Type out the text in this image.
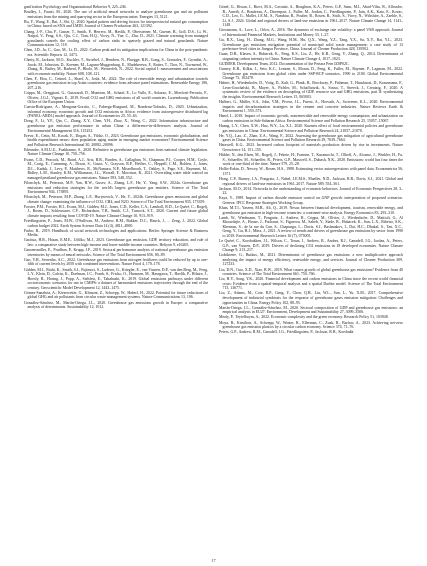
gasification Psychology and Organizational Behavior 9, 225–246.

Bradley, J., Fausti, M., 2020. The use of artificial neural networks to analyze greenhouse gas and air pollutant emissions from the mining and quarrying sector in the European union. Energies 13, 5121.

Bu, Y., Wang, E., Bai, J., Shi, Q., 2020. Spatial pattern and driving factors for interprovincial natural gas consumption in China: based on SNA and LMDI. Journal of Cleaner Production 263, 121392.

Chang, J.-F., Chu, F., Gasser, T., Smith, P., Herrero, M., Havlik, P., Obersteiner, M., Guenet, B., Goll, D.S., Li, W., Naipal, V., Peng, S.S., Qiu, C.J., Tian, H.Q., Viovy, N., Yue, C., Zhu, D., 2021. Climate warming from managed grasslands cancels the cooling effect of carbon sinks in sparsely grazed and natural grasslands. Nature Communications 12, 118.

Chen, J.D., Ju, C., Gao, M., Li, D., 2022. Carbon peak and its mitigation implications for China in the post-pandemic era. Scientific Reports 12, 3473.

Chetty, R., Jackson, M.O., Kuchler, T., Stroebel, J., Hendren, N., Fluegge, R.B., Gong, S., Gonzalez, F., Grondin, A., Jacob, M., Johnston, D., Koenen, M., Laguna-Muggenburg, E., Mudekereza, F., Rutter, T., Thor, N., Townsend, W., Zhang, R., Bailey, M., Barberá, P., Bhole, M., Wernerfelt, N., 2022. Social capital I: measurement and associations with economic mobility. Nature 608, 108–121.

Chen, F., Hou, C., Cetinel, L., Shaef, A., Joshi, M., 2022. The role of renewable energy and urbanization towards greenhouse gas emission in top Asian countries: evidence from advance panel estimations. Renewable Energy 186, 207–216.

Crippa, M., Oreggioni, G., Guizzardi, D., Muntean, M., Schaaf, E., Lo Vullo, E., Solazzo, E., Monforti-Ferrario, F., Olivier, J.G.J., Vignati, E., 2019. Fossil CO2 and GHG emissions of all world countries. Luxembourg: Publication Office of the European Union.

Cuesta-Rodriguez, A., Mengana-Gorrito, C., Fabrega-Hoagund, M., Rondeau-Tobacks, D., 2020. Urbanization, informal economy, economic growth and CO2 emissions in Africa: evidence from autoregressive distributed lag (PANEL-ARDL) model approach. Journal of Econometrics 25, 55–63.

Dong, F., Li, Y.F., Qin, C., Zhang, X.Y., Chen, Y.H., Zhao, X., Wang, C., 2022. Information infrastructure and greenhouse gas emission performance in urban China: a difference-in-differences analysis. Journal of Environmental Management 316, 115252.

Erevir, E., Cetin, M., Kocak, E., Dogan, A., Yildiz, O., 2023. Greenhouse gas emissions, economic globalization, and health expenditures nexus: does population aging matter in emerging market economies? Environmental Science and Pollution Research International 30, 20082–20096.

Edeandre, A.M.U.U., Fuakhanno, S., 2020. Refinitive in greenhouse gas emissions from national climate legislation. Nature Climate Change 10, 750–756.

Evans, C.D., Peacock, M., Baird, A.J., Artz, R.R., Burden, A., Callaghan, N., Chapman, P.J., Cooper, H.M., Coyle, M., Craig, E., Cumming, A., Dixon, S., Gauci, V., Grayson, R.P., Helfter, C., Heppell, C.M., Holden, J., Jones, D.L., Kaduk, J., Levy, P., Matthews, R., McNamara, N.P., Misselbrook, T., Oakley, S., Page, S.E., Rayment, M., Ridley, L.M., Stanley, K.M., Williamson, J.L., Worrall, F., Morrison, R., 2021. Overriding water table control on managed peatland greenhouse gas emissions. Nature 593, 548–552.

Filonchyk, M., Peterson, M.P., Yan, H.W., Gusev, A., Zhang, L.F., He, Y., Yang, S.W., 2024a. Greenhouse gas emissions and reduction strategies for the world's largest greenhouse gas emitters. Science of The Total Environment 944, 173895.

Filonchyk, M., Peterson, M.P., Zhang, L.F., Hurynovich, V., He, Y., 2024b. Greenhouse gases emissions and global climate change: examining the influence of CO2, CH4, and N2O. Science of The Total Environment 935, 173359.

Forster, P.M., Forster, H.I., Evans, M.J., Gidden, M.J., Jones, C.D., Keller, C.A., Lamboll, R.D., Le Quéré, C., Rogelj, J., Rosen, D., Schleussner, C.F., Richardson, T.B., Smith, C.J., Turnock, S.T., 2020. Current and future global climate impacts resulting from COVID-19. Nature Climate Change 10, 913–919.

Friedlingstein, P., Jones, M.W., O'Sullivan, M., Andrew, R.M., Bakker, D.C., Hauck, J., ... Zeng, J., 2022. Global carbon budget 2022. Earth System Science Data 14 (4), 4811–4900.

Furbo, R., 2019. Handbook of social network technologies and applications. Berlin: Springer Science & Business Media.

Gacitua, H.R., Hasan, E.M.E., Udilko, M.J., 2023. Greenhouse gas emission, GDP, territory education, and rule of law: a comparative study between high-income and lower-middle-income countries. Heliyon 9, e16265.

Gassensmiller, E., Prudhon, P., Krupp, J.F., 2019. Sectoral performance analysis of national greenhouse gas emission inventories by means of neural networks. Science of The Total Environment 656, 80–89.

Gao, Y.H., Serrenho, A.C., 2022. Greenhouse gas emissions from nitrogen fertilizers could be reduced by up to one-fifth of current levels by 2050 with combined interventions. Nature Food 4, 170–178.

Gidden, M.J., Riahi, K., Smith, S.J., Fujimori, S., Luderer, G., Kriegler, E., van Vuuren, D.P., van den Berg, M., Feng, L.Y., Klein, D., Calvin, K., Doelman, J.C., Frank, S., Fricko, O., Harmsen, M., Hasegawa, T., Havlík, P., Hilaire, J., Hoesly, R., Horing, J., Popp, A., Stehfest, E., Takahashi, K., 2019. Global emissions pathways under different socioeconomic scenarios for use in CMIP6: a dataset of harmonized emissions trajectories through the end of the century. Geoscientific Model Development 12, 1443–1475.

Gómez-Sanabria, A., Kiesewetter, G., Klimont, Z., Schoepp, W., Haberl, H., 2022. Potential for future reductions of global GHG and air pollutants from circular waste management systems. Nature Communications 13, 106.

González-Sánchez, M., Martín-Ortega, J.L., 2020. Greenhouse gas emissions growth in Europe: a comparative analysis of determinants. Sustainability 12, 1012.

Gönel, G., Hosan, J., Rizvi, M.A., Cavaiati, A., Houghton, K.A., Peters, G.P., Sano, M.I., Abad-Vilas, R., Allouche, R., Arneth, A., Boudreau, A., Davenport, J., Fuller, M., Jordan, C., Friedlingstein, P., Jain, A.K., Kato, E., Kovac, C.D., Leo, G., Mallet, J.E.M., S., Nambiar, R., Poulter, B., Rosen, R., Sitch, S., Viovy, N., Wiltshire, A., Zaehle, S., Li, S.J., 2024. Global and regional drivers of land-use emissions in 1961–2017. Nature Climate Change 14, 1141–1148.

Grossmann, A., Love, L., Orlov, A., 2016. The dynamics of exchange rate volatility: a panel VAR approach. Journal of International Financial Markets, Institutions and Money 33, 1–27.

Gu, R.X., Ling, H., Zhang, M.G., Wang, H.M., Hu, Q.X., Wang, Y.Z., Tang, Y.X., Su, X.Y., Bai, Y.L., 2023. Greenhouse gas emissions mitigation potential of municipal solid waste management: a case study of 13 prefecture-level cities in Jiangsu Province, China. Journal of Cleaner Production 428, 139502.

Guan, D.B., Klasen, S., Hubacek, K., Feng, K.S., Liu, Z., He, K.B., Geng, Y., Zhang, Q., 2014. Determinants of stagnating carbon intensity in China. Nature Climate Change 4, 1017–1023.

GUDDER, Development Team, 2012. Documentation of the Pertara Pern IZ0P02C.

Gurney, K.R., Kilkis, J., Seto, K.C., Lenzen, S., Moran, D., Feng, K., Fuller, M., Raymer, P., Lagman, M., 2022. Greenhouse gas emissions from global cities under SSP-RCP scenarios, 1990 to 2100. Global Environmental Change 73, 102478.

Habert, H., Wiedenhofer, D., Virág, D., Kalt, G., Plank, B., Brockway, P., Fishman, T., Hausknost, D., Krausmann, F., Leon-Gruchalski, B., Mayer, A., Pichler, M., Schaffartzik, A., Sousa, T., Streeck, J., Creutzig, F., 2020. A systematic review of the evidence on decoupling of GDP, resource use and GHG emissions, part II: synthesizing the insights. Environmental Research Letters 15, 065003.

Halbert, G., Müller, S.A., John, V.M., Pivera, J.L., Fuerst, A., Horvath, A., Scrivener, K.L., 2020. Environmental impacts and decarbonization strategies in the cement and concrete industries. Nature Reviews Earth & Environment 1, 559–573.

Hanif, I., 2018. Impact of economic growth, nonrenewable and renewable energy consumption, and urbanization on carbon emissions in Sub-Saharan Africa. Environmental Science and Pollution Research 25, 15057–15067.

Huang, L.Y., Chen, X.W., Huo, W.Y., Lu, X.J., 2020. Kuznets effect of local environmental policies and greenhouse gas emissions in China: Environmental Science and Pollution Research 24, 21057–21070.

He, Y.Q., Lao, Z., Zhan, Z.A., Wang, F., 2022. Assessing the greenhouse gas mitigation of agricultural greenhouse gases in China. Environmental Science and Pollution Research 29, 7639–7664.

Hatzwell, K.G., 2023. Increased carbon footprint of materials production driven by rise in investments. Nature Geoscience 14, 151–155.

Hübler, N., den Elzen, M., Rogelj, J., Fekete, H., Fransen, T., Kuramochi, T., Olhoff, A., Alcamo, J., Winkler, H., Fu, S., Schaeffer, M., Schaeffer, R., Peters, G.P., Maxwell, S., Dubash, N.K., 2020. Emissions: world has four times the work or one-third of the time. Nature 579, 25–28.

Hollis-Eakin, D., Newey, W., Rosen, H.S., 1988. Estimating vector autoregressions with panel data. Econometrica 56, 1371.

Hong, C.P., Burney, J.A., Pongratz, J., Nabel, J.E.M.S., Mueller, N.D., Jackson, R.B., Davis, S.J., 2021. Global and regional drivers of land-use emissions in 1961–2017. Nature 589, 554–561.

Jackson, M.O., 2014. Networks in the understanding of economic behaviors. Journal of Economic Perspectives 28, 3–22.

Kaya, Y., 1989. Impact of carbon dioxide emission control on GNP growth: interpretation of proposed scenarios. Geneva: IPCC Response Strategies Working Group.

Khan, M.T.I., Yaseen, M.R., Ali, Q., 2019. Nexus between financial development, tourism, renewable energy, and greenhouse gas emission in high-income countries: a continent-wise analysis. Energy Economics 83, 293–310.

Lamb, W., Wiedmann, T., Pongratz, J., Andrew, R., Crippa, M., Olivier, J., Wiedenhofer, D., Mattioli, G., Al Khourdajie, A., House, J., Pachauri, S., Figueroa, M., Saheb, Y., Slade, R., Hubacek, K., Sun, L.X., Ribeiro, S.K., Khennas, S., de la rue du Can, S., Chapungu, L., Davis, S.J., Bashmakov, I., Dai, H.C., Dhakal, S., Tan, X.C., Geng, Y., Gu, B.J., Minx, J., 2021. A review of trends and drivers of greenhouse gas emissions by sector from 1990 to 2018. Environmental Research Letters 16 (7), 073005.

Le Quéré, C., Korsbakken, J.I., Wilson, C., Tosun, J., Andrew, R., Andres, R.J., Canadell, J.G., Jordan, A., Peters, G.P., van Vuuren, D.P., 2019. Drivers of declining CO2 emissions in 18 developed economies. Nature Climate Change 9, 213–217.

Liobikiene, G., Butkus, M., 2021. Determinants of greenhouse gas emissions: a new multiplicative approach analysing the impact of energy efficiency, renewable energy, and services. Journal of Cleaner Production 309, 127233.

Liu, D.N., Guo, X.D., Xiao, B.W., 2019. What causes growth of global greenhouse gas emissions? Evidence from 40 countries. Science of The Total Environment 661, 750–766.

Liu, H.Y., Song, Y.K., 2020. Financial development and carbon emissions in China since the recent world financial crisis: Evidence from a spatial-temporal analysis and a spatial Durbin model. Science of The Total Environment 715, 136771.

Liu, Z., Adams, M., Cote, R.P., Geng, Y., Chen, Q.H., Liu, W.L., Sun, L., Yu, X.M., 2017. Comprehensive development of industrial symbiosis for the response of greenhouse gases emission mitigation: Challenges and opportunities in China. Energy Policy 102, 88–95.

Martín-Ortega, J.L., González-Sánchez, M., 2020. Sectoral composition of GDP and greenhouse gas emissions: an empirical analysis in EU27. Environment, Development and Sustainability 27, 3099–3506.

Mealy, P., Teytelboym, A., 2022. Economic complexity and the green economy. Research Policy 51, 103948.

Moya, R., Kiesilion, A., Schoepp, W., Winter, R., Ellerman, C., Zuzk, R., Barlow, A., 2023. Achieving net-zero greenhouse gas emission plastics by a circular carbon economy. Science 374, 71–76.

Peters, G.P., Andrew, R.M., Canadell, J.G., Friedlingstein, P., Jackson, R.B., Korsbakk

17
